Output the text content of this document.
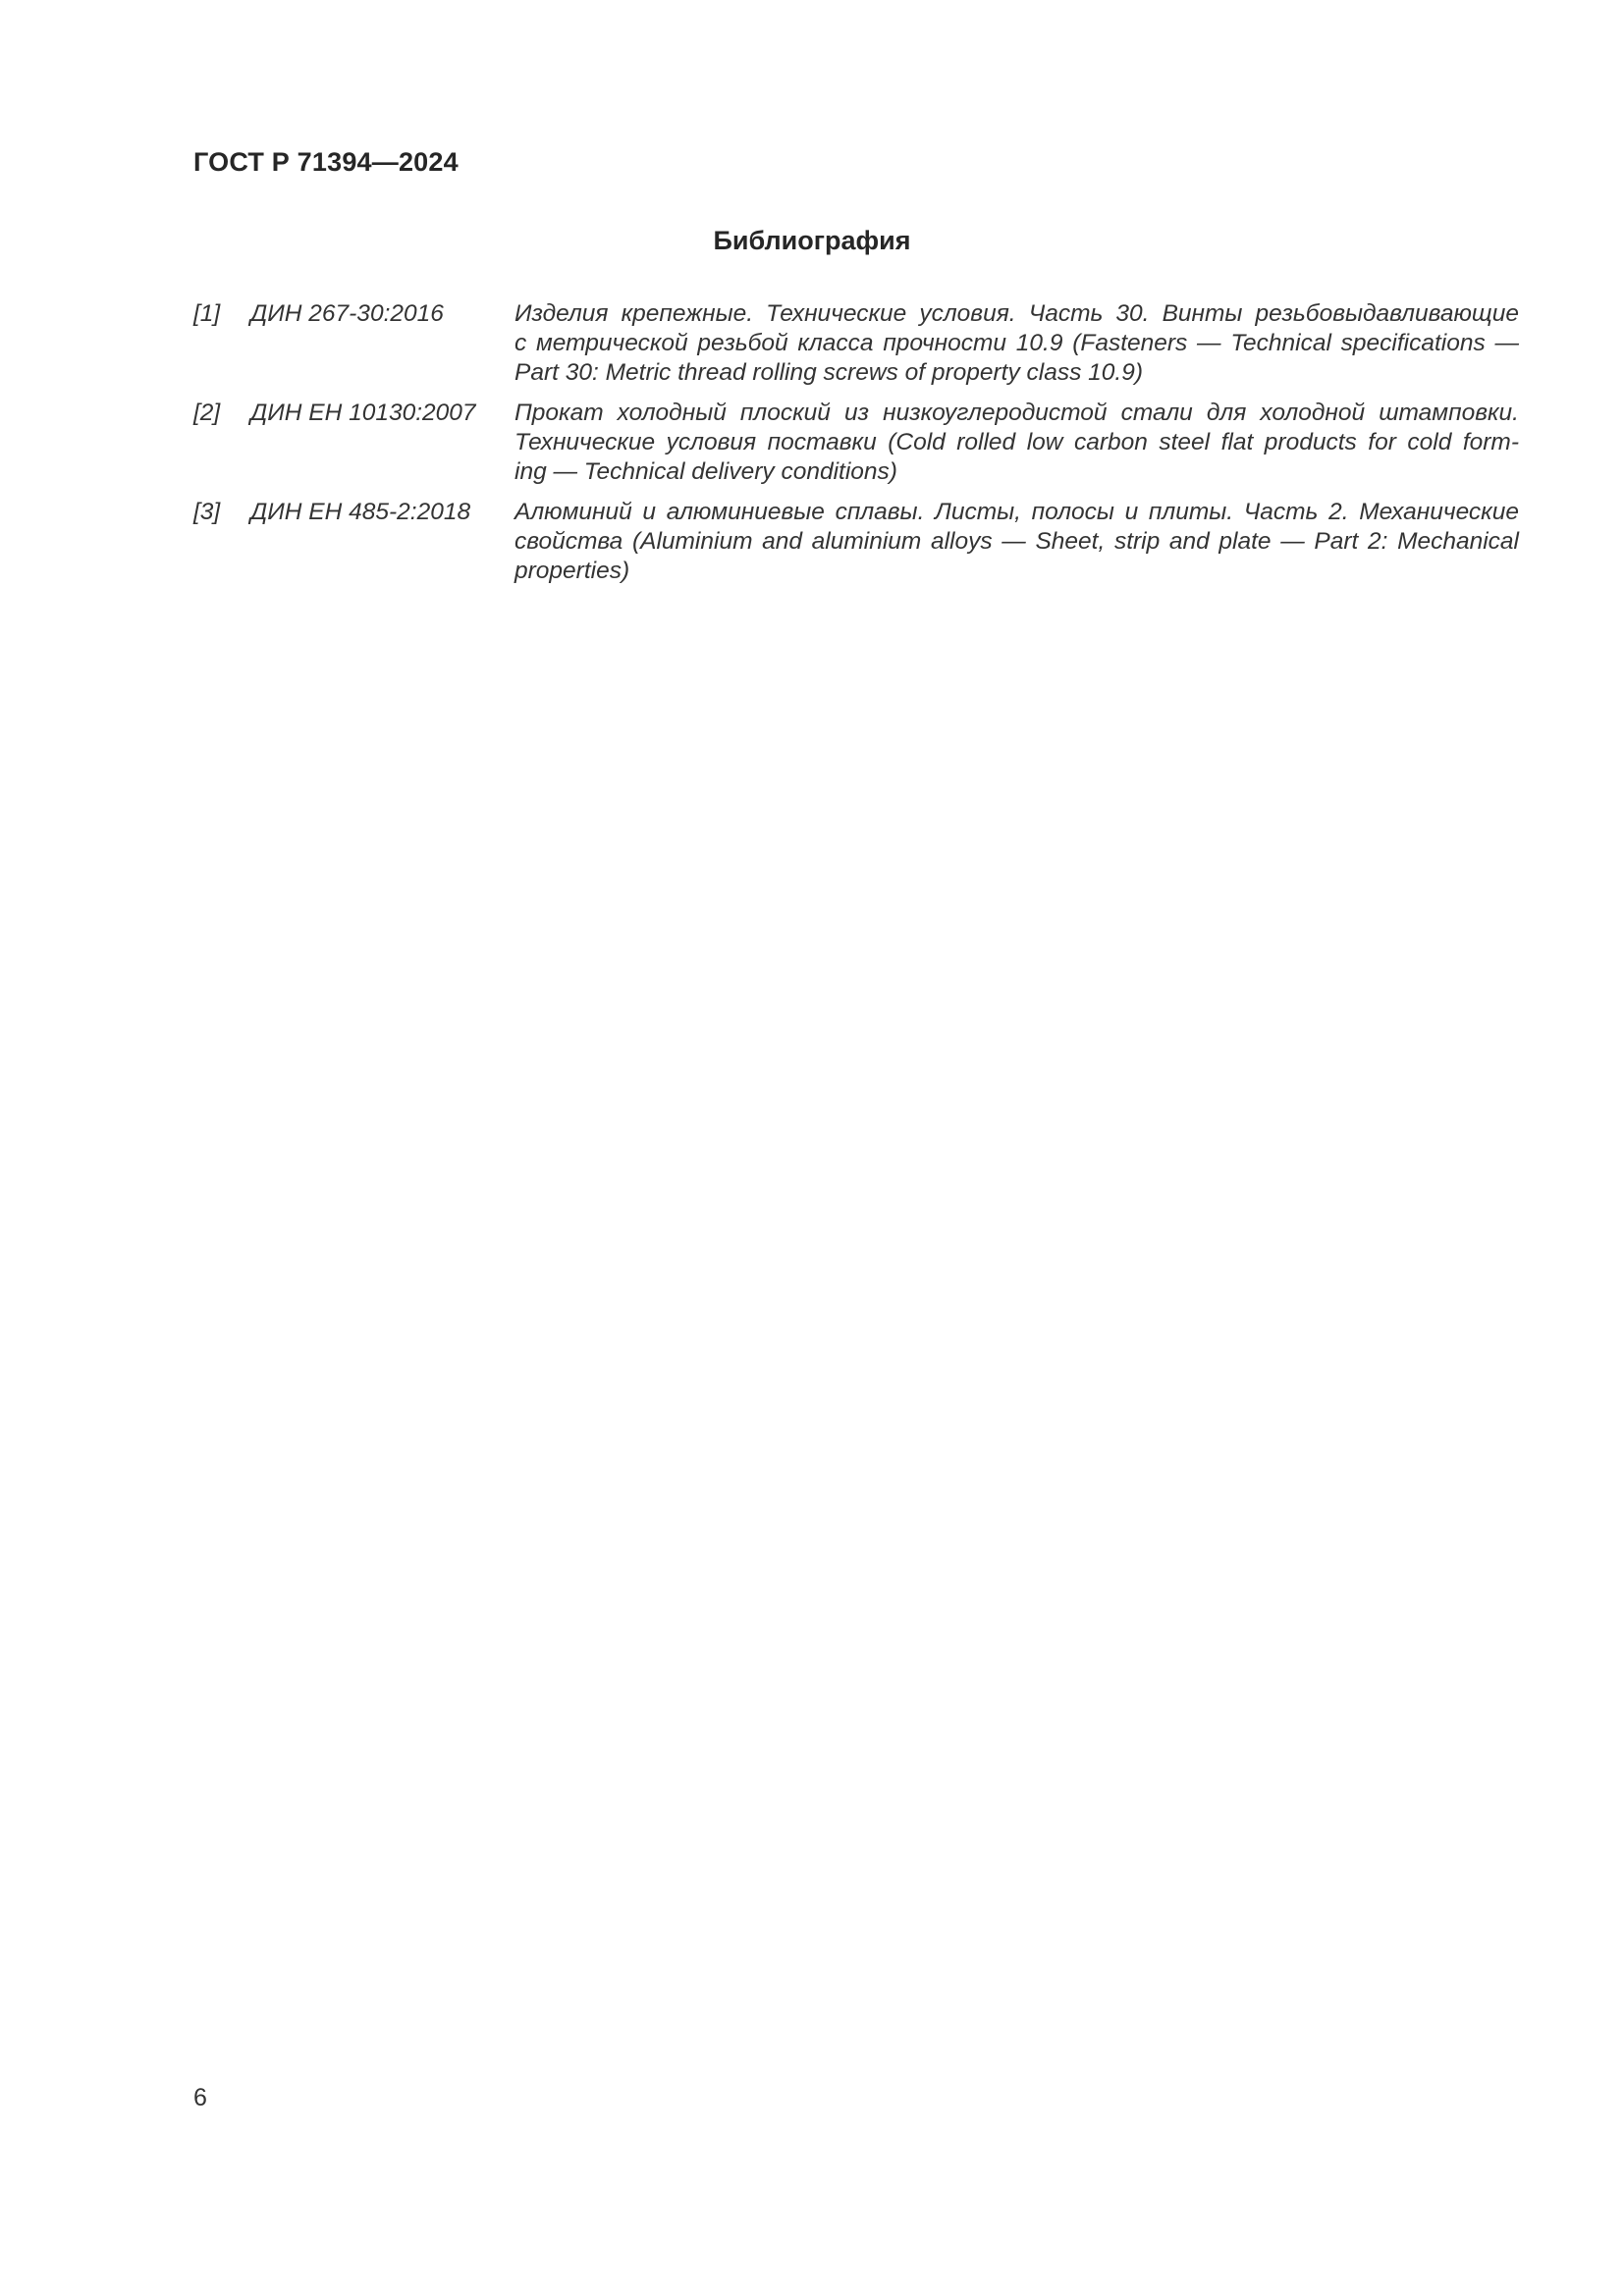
ГОСТ Р 71394—2024
Библиография
[1] ДИН 267-30:2016	Изделия крепежные. Технические условия. Часть 30. Винты резьбовыдавливающие
с метрической резьбой класса прочности 10.9 (Fasteners — Technical specifications —
Part 30: Metric thread rolling screws of property class 10.9)
[2] ДИН ЕН 10130:2007 Прокат холодный плоский из низкоуглеродистой стали для холодной штамповки.
Технические условия поставки (Cold rolled low carbon steel flat products for cold form-
ing — Technical delivery conditions)
[3] ДИН ЕН 485-2:2018 Алюминий и алюминиевые сплавы. Листы, полосы и плиты. Часть 2. Механические
свойства (Aluminium and aluminium alloys — Sheet, strip and plate — Part 2: Mechanical
properties)
6
